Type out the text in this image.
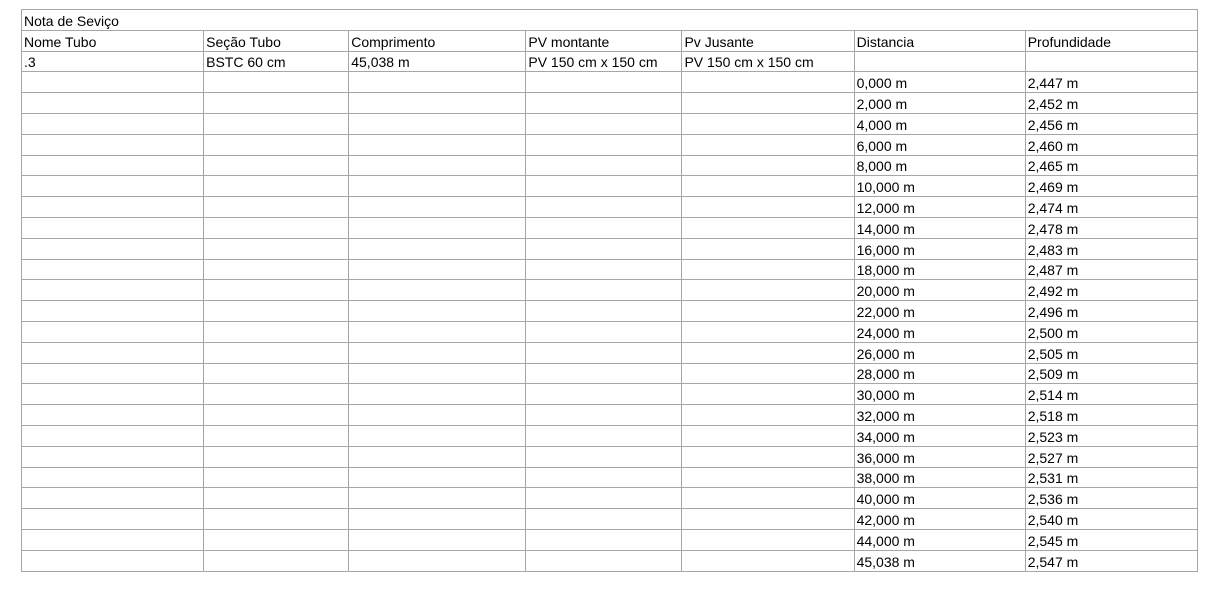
Nota de Seviço						
Nome Tubo	Seção Tubo	Comprimento	PV montante	Pv Jusante	Distancia	Profundidade
.3	BSTC 60 cm	45,038 m	PV 150 cm x 150 cm	PV 150 cm x 150 cm		
					0,000 m	2,447 m
					2,000 m	2,452 m
					4,000 m	2,456 m
					6,000 m	2,460 m
					8,000 m	2,465 m
					10,000 m	2,469 m
					12,000 m	2,474 m
					14,000 m	2,478 m
					16,000 m	2,483 m
					18,000 m	2,487 m
					20,000 m	2,492 m
					22,000 m	2,496 m
					24,000 m	2,500 m
					26,000 m	2,505 m
					28,000 m	2,509 m
					30,000 m	2,514 m
					32,000 m	2,518 m
					34,000 m	2,523 m
					36,000 m	2,527 m
					38,000 m	2,531 m
					40,000 m	2,536 m
					42,000 m	2,540 m
					44,000 m	2,545 m
					45,038 m	2,547 m
